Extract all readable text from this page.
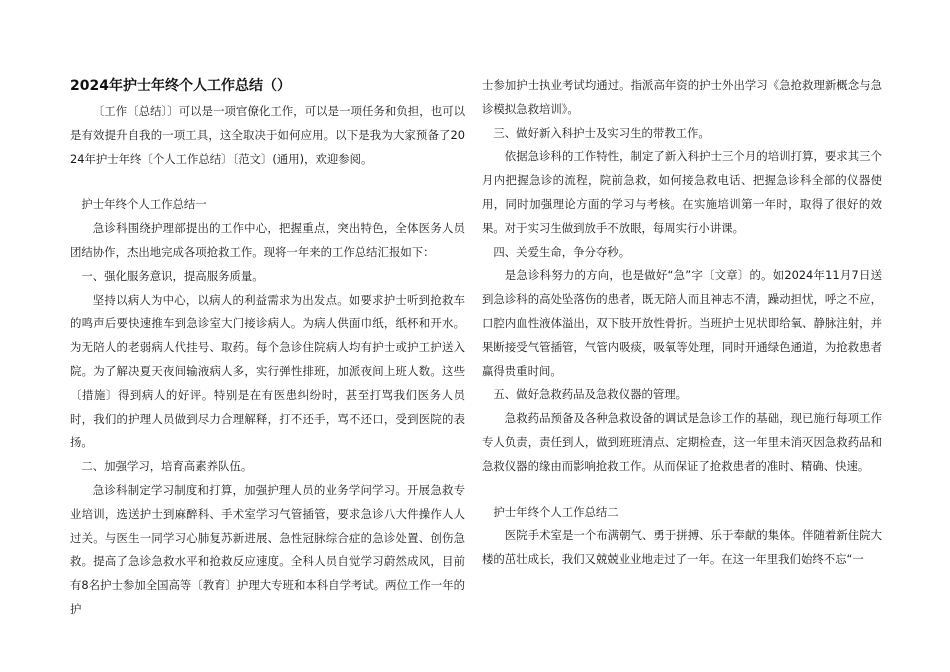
2024年护士年终个人工作总结（）

〔工作〔总结〕〕可以是一项官僚化工作，可以是一项任务和负担，也可以是有效提升自我的一项工具，这全取决于如何应用。以下是我为大家预备了2024年护士年终〔个人工作总结〕〔范文〕(通用)，欢迎参阅。

护士年终个人工作总结一

急诊科围绕护理部提出的工作中心，把握重点，突出特色，全体医务人员团结协作，杰出地完成各项抢救工作。现将一年来的工作总结汇报如下：

一、强化服务意识，提高服务质量。

坚持以病人为中心，以病人的利益需求为出发点。如要求护士听到抢救车的鸣声后要快速推车到急诊室大门接诊病人。为病人供面巾纸，纸杯和开水。为无陪人的老弱病人代挂号、取药。每个急诊住院病人均有护士或护工护送入院。为了解决夏天夜间输液病人多，实行弹性排班，加派夜间上班人数。这些〔措施〕得到病人的好评。特别是在有医患纠纷时，甚至打骂我们医务人员时，我们的护理人员做到尽力合理解释，打不还手，骂不还口，受到医院的表扬。

二、加强学习，培育高素养队伍。

急诊科制定学习制度和打算，加强护理人员的业务学问学习。开展急救专业培训，选送护士到麻醉科、手术室学习气管插管，要求急诊八大件操作人人过关。与医生一同学习心肺复苏新进展、急性冠脉综合症的急诊处置、创伤急救。提高了急诊急救水平和抢救反应速度。全科人员自觉学习蔚然成风，目前有8名护士参加全国高等〔教育〕护理大专班和本科自学考试。两位工作一年的护

士参加护士执业考试均通过。指派高年资的护士外出学习《急抢救理新概念与急诊模拟急救培训》。

三、做好新入科护士及实习生的带教工作。

依据急诊科的工作特性，制定了新入科护士三个月的培训打算，要求其三个月内把握急诊的流程，院前急救，如何接急救电话、把握急诊科全部的仪器使用，同时加强理论方面的学习与考核。在实施培训第一年时，取得了很好的效果。对于实习生做到放手不放眼，每周实行小讲课。

四、关爱生命，争分夺秒。

是急诊科努力的方向，也是做好“急”字〔文章〕的。如2024年11月7日送到急诊科的高处坠落伤的患者，既无陪人而且神志不清，躁动担忧，呼之不应，口腔内血性液体溢出，双下肢开放性骨折。当班护士见状即给氧、静脉注射，并果断接受气管插管，气管内吸痰，吸氧等处理，同时开通绿色通道，为抢救患者赢得贵重时间。

五、做好急救药品及急救仪器的管理。

急救药品预备及各种急救设备的调试是急诊工作的基础，现已施行每项工作专人负责，责任到人，做到班班清点、定期检查，这一年里未消灭因急救药品和急救仪器的缘由而影响抢救工作。从而保证了抢救患者的准时、精确、快速。

护士年终个人工作总结二

医院手术室是一个布满朝气、勇于拼搏、乐于奉献的集体。伴随着新住院大楼的茁壮成长，我们又兢兢业业地走过了一年。在这一年里我们始终不忘“一
